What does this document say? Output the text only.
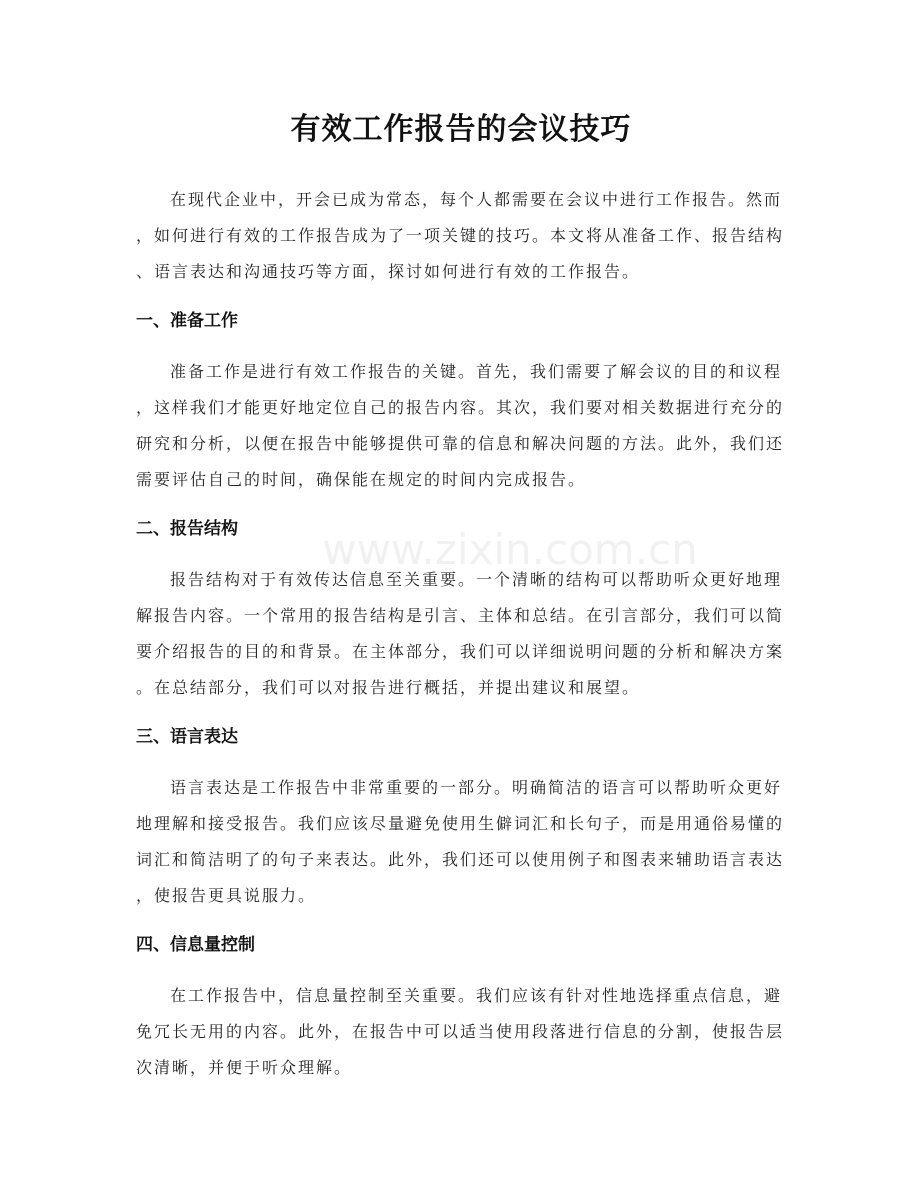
www.zixin.com.cn
有效工作报告的会议技巧

在现代企业中，开会已成为常态，每个人都需要在会议中进行工作报告。然而，如何进行有效的工作报告成为了一项关键的技巧。本文将从准备工作、报告结构、语言表达和沟通技巧等方面，探讨如何进行有效的工作报告。

一、准备工作

准备工作是进行有效工作报告的关键。首先，我们需要了解会议的目的和议程，这样我们才能更好地定位自己的报告内容。其次，我们要对相关数据进行充分的研究和分析，以便在报告中能够提供可靠的信息和解决问题的方法。此外，我们还需要评估自己的时间，确保能在规定的时间内完成报告。

二、报告结构

报告结构对于有效传达信息至关重要。一个清晰的结构可以帮助听众更好地理解报告内容。一个常用的报告结构是引言、主体和总结。在引言部分，我们可以简要介绍报告的目的和背景。在主体部分，我们可以详细说明问题的分析和解决方案。在总结部分，我们可以对报告进行概括，并提出建议和展望。

三、语言表达

语言表达是工作报告中非常重要的一部分。明确简洁的语言可以帮助听众更好地理解和接受报告。我们应该尽量避免使用生僻词汇和长句子，而是用通俗易懂的词汇和简洁明了的句子来表达。此外，我们还可以使用例子和图表来辅助语言表达，使报告更具说服力。

四、信息量控制

在工作报告中，信息量控制至关重要。我们应该有针对性地选择重点信息，避免冗长无用的内容。此外，在报告中可以适当使用段落进行信息的分割，使报告层次清晰，并便于听众理解。
